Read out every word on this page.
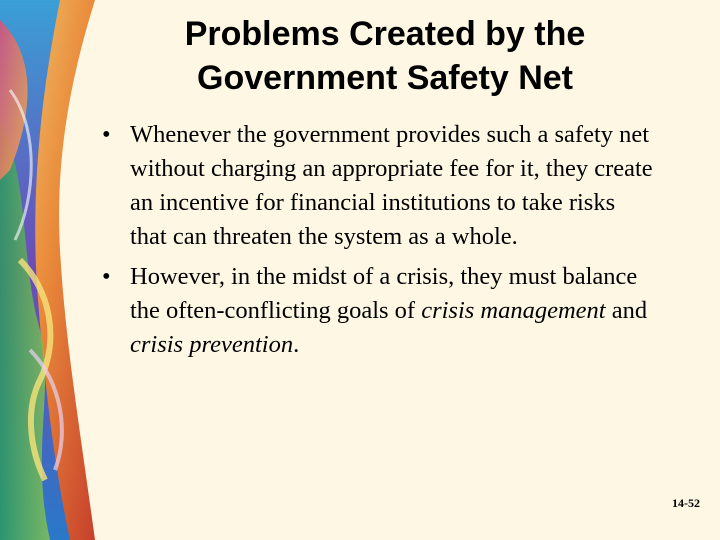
Problems Created by the
Government Safety Net
• Whenever the government provides such a safety net without charging an appropriate fee for it, they create an incentive for financial institutions to take risks that can threaten the system as a whole.
• However, in the midst of a crisis, they must balance the often-conflicting goals of crisis management and crisis prevention.
14-52
